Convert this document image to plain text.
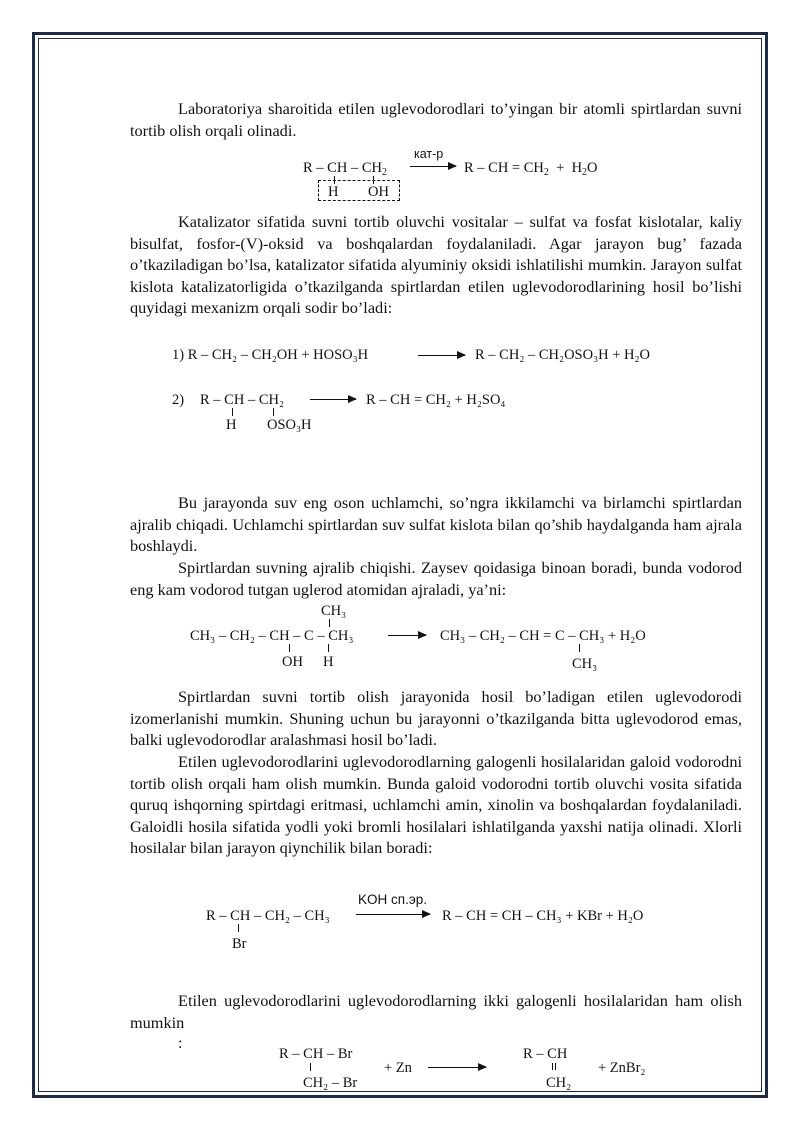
Laboratoriya sharoitida etilen uglevodorodlari to’yingan bir atomli spirtlardan suvni tortib olish orqali olinadi.

R – CH – $CH_2$
H OH
кат-р
→ R – CH = $CH_2 + H_2O$

Katalizator sifatida suvni tortib oluvchi vositalar – sulfat va fosfat kislotalar, kaliy bisulfat, fosfor-(V)-oksid va boshqalardan foydalaniladi. Agar jarayon bug’ fazada o’tkaziladigan bo’lsa, katalizator sifatida alyuminiy oksidi ishlatilishi mumkin. Jarayon sulfat kislota katalizatorligida o’tkazilganda spirtlardan etilen uglevodorodlarining hosil bo’lishi quyidagi mexanizm orqali sodir bo’ladi:

1) R – CH₂ – CH₂OH + HOSO₃H	→ R – CH₂ – CH₂OSO₃H + H₂O
2) R – CH – CH₂
H OSO₃H
→ R – CH = CH₂ + H₂SO₄

Bu jarayonda suv eng oson uchlamchi, so’ngra ikkilamchi va birlamchi spirtlardan ajralib chiqadi. Uchlamchi spirtlardan suv sulfat kislota bilan qo’shib haydalganda ham ajrala boshlaydi.

Spirtlardan suvning ajralib chiqishi. Zaysev qoidasiga binoan boradi, bunda vodorod eng kam vodorod tutgan uglerod atomidan ajraladi, ya’ni:

CH₃
CH₃ – CH₂ – CH – C – CH₃
OH H
→ CH₃ – CH₂ – CH = C – CH₃ + H₂O
CH₃

Spirtlardan suvni tortib olish jarayonida hosil bo’ladigan etilen uglevodorodi izomerlanishi mumkin. Shuning uchun bu jarayonni o’tkazilganda bitta uglevodorod emas, balki uglevodorodlar aralashmasi hosil bo’ladi.

Etilen uglevodorodlarini uglevodorodlarning galogenli hosilalaridan galoid vodorodni tortib olish orqali ham olish mumkin. Bunda galoid vodorodni tortib oluvchi vosita sifatida quruq ishqorning spirtdagi eritmasi, uchlamchi amin, xinolin va boshqalardan foydalaniladi. Galoidli hosila sifatida yodli yoki bromli hosilalari ishlatilganda yaxshi natija olinadi. Xlorli hosilalar bilan jarayon qiynchilik bilan boradi:

KOH сп.эр.
R – CH – CH₂ – CH₃
Br
R – CH = CH – CH₃ + KBr + H₂O

Etilen uglevodorodlarini uglevodorodlarning ikki galogenli hosilalaridan ham olish mumkin

:
R – CH – Br
CH₂ – Br
+ Zn →
R – CH
CH₂
+ ZnBr₂
